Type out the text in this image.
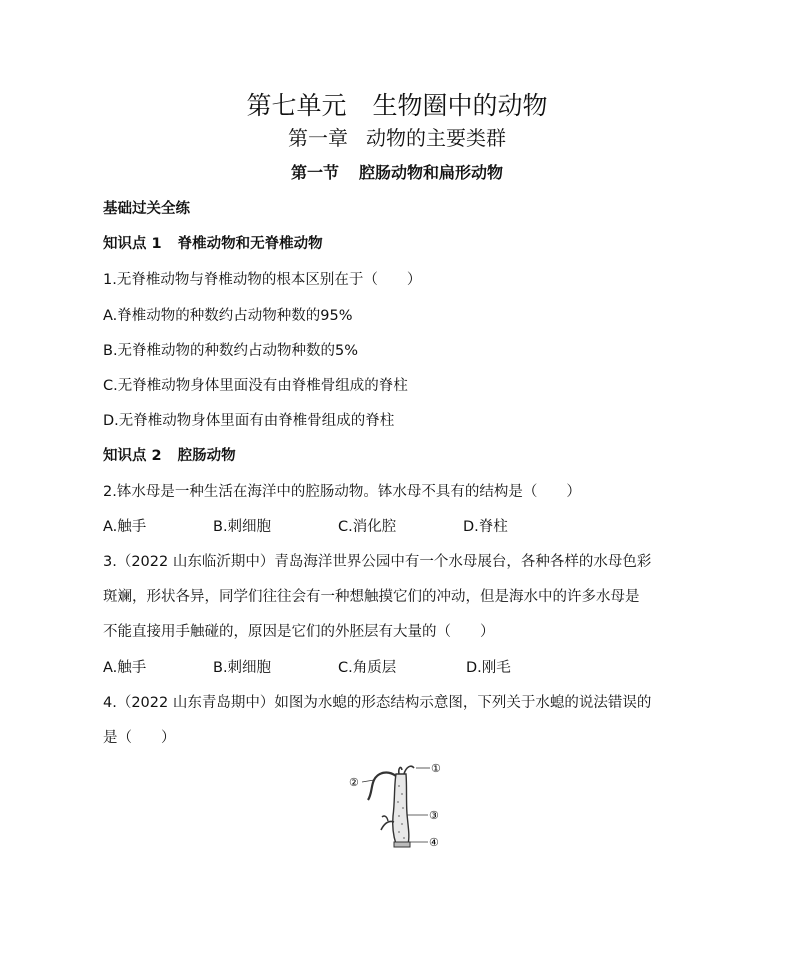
第七单元 生物圈中的动物
第一章 动物的主要类群
第一节 腔肠动物和扁形动物
基础过关全练
知识点 1 脊椎动物和无脊椎动物
1.无脊椎动物与脊椎动物的根本区别在于（　　）
A.脊椎动物的种数约占动物种数的95%
B.无脊椎动物的种数约占动物种数的5%
C.无脊椎动物身体里面没有由脊椎骨组成的脊柱
D.无脊椎动物身体里面有由脊椎骨组成的脊柱
知识点 2 腔肠动物
2.钵水母是一种生活在海洋中的腔肠动物。钵水母不具有的结构是（　　）
A.触手	B.刺细胞	C.消化腔	D.脊柱
3.（2022 山东临沂期中）青岛海洋世界公园中有一个水母展台，各种各样的水母色彩
斑斓，形状各异，同学们往往会有一种想触摸它们的冲动，但是海水中的许多水母是
不能直接用手触碰的，原因是它们的外胚层有大量的（　　）
A.触手	B.刺细胞	C.角质层	D.刚毛
4.（2022 山东青岛期中）如图为水螅的形态结构示意图，下列关于水螅的说法错误的
是（　　）
①
②
③
④
